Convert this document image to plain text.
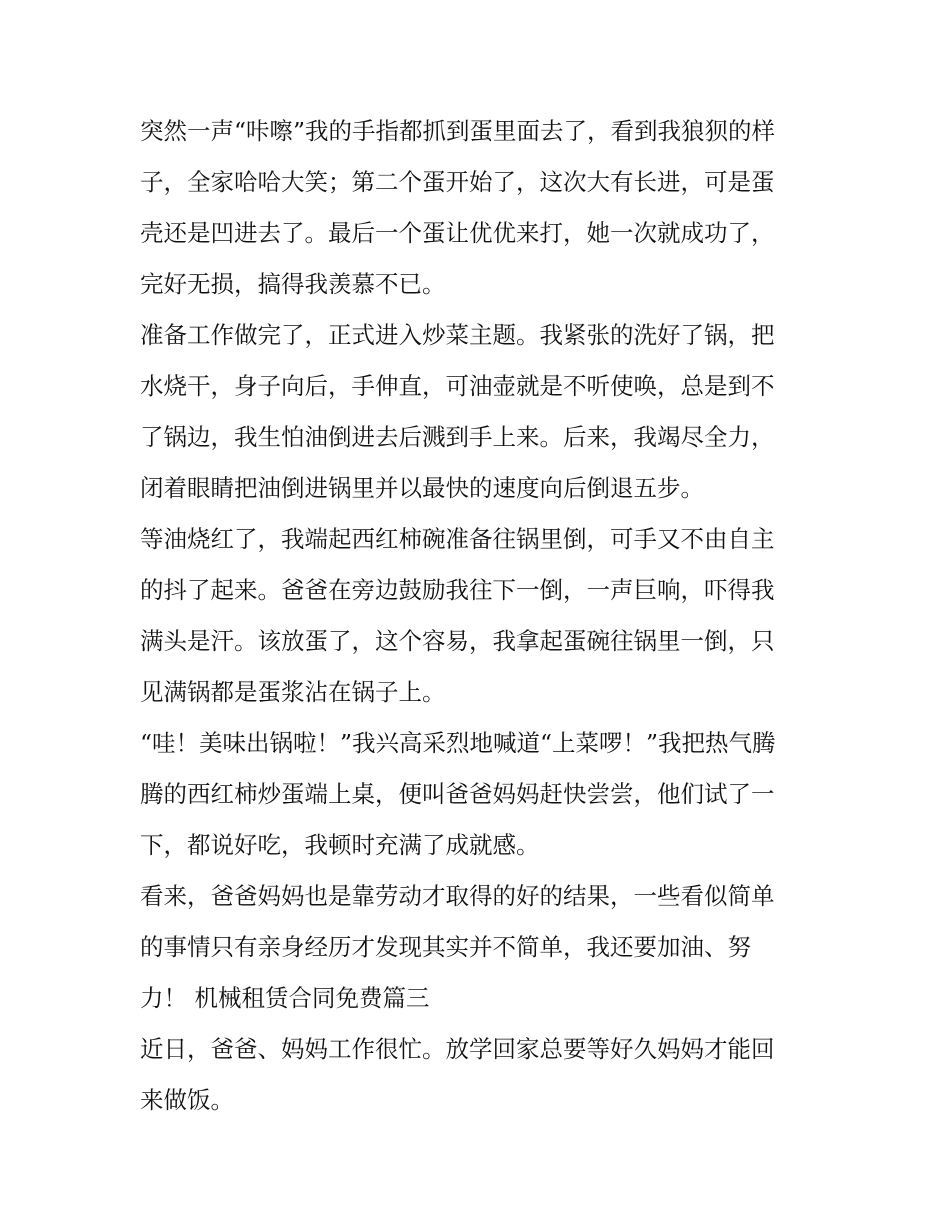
突然一声“咔嚓”我的手指都抓到蛋里面去了，看到我狼狈的样
子，全家哈哈大笑；第二个蛋开始了，这次大有长进，可是蛋
壳还是凹进去了。最后一个蛋让优优来打，她一次就成功了，
完好无损，搞得我羡慕不已。

准备工作做完了，正式进入炒菜主题。我紧张的洗好了锅，把
水烧干，身子向后，手伸直，可油壶就是不听使唤，总是到不
了锅边，我生怕油倒进去后溅到手上来。后来，我竭尽全力，
闭着眼睛把油倒进锅里并以最快的速度向后倒退五步。

等油烧红了，我端起西红柿碗准备往锅里倒，可手又不由自主
的抖了起来。爸爸在旁边鼓励我往下一倒，一声巨响，吓得我
满头是汗。该放蛋了，这个容易，我拿起蛋碗往锅里一倒，只
见满锅都是蛋浆沾在锅子上。

“哇！美味出锅啦！”我兴高采烈地喊道“上菜啰！”我把热气腾
腾的西红柿炒蛋端上桌，便叫爸爸妈妈赶快尝尝，他们试了一
下，都说好吃，我顿时充满了成就感。

看来，爸爸妈妈也是靠劳动才取得的好的结果，一些看似简单
的事情只有亲身经历才发现其实并不简单，我还要加油、努
力！ 机械租赁合同免费篇三

近日，爸爸、妈妈工作很忙。放学回家总要等好久妈妈才能回
来做饭。
